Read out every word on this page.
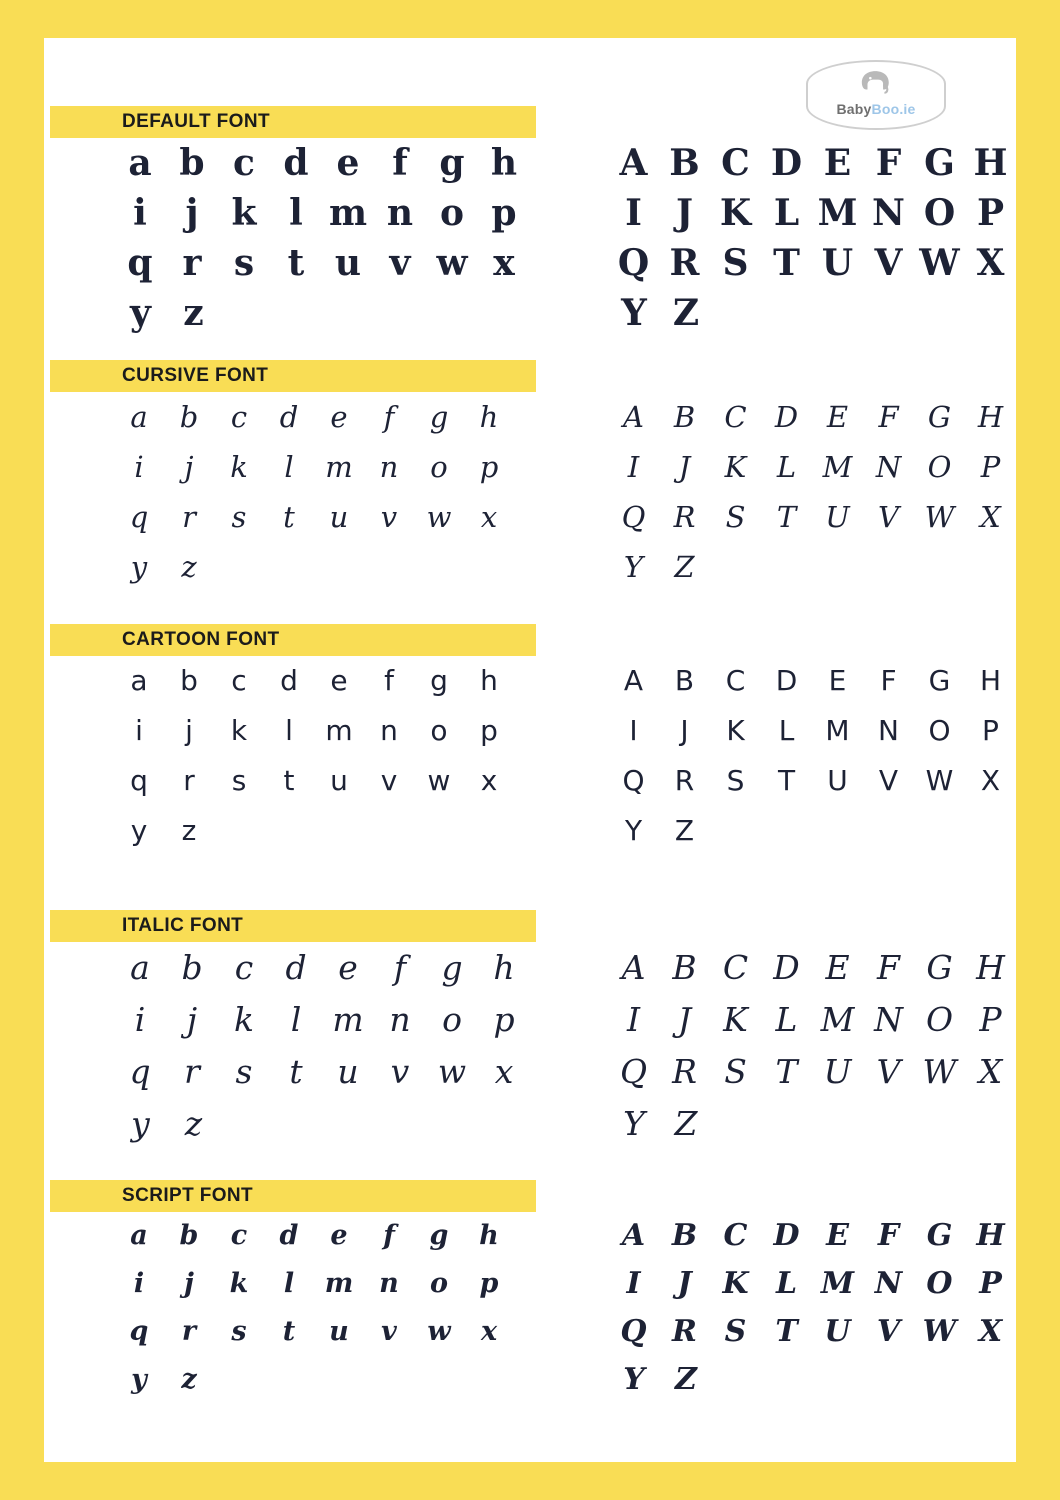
BabyBoo.ie
DEFAULT FONT
a b c d e f g h
i	j k l m n o p
q r s t u v w x
y z
A B C D E F G H
I J K L M N O P
Q R S T U V W X
Y Z
CURSIVE FONT
a	b	c	d	e	f	g	h
i	j	k	l	m n	o	p
q	r	s	t	u	v	w	x
y	z
A	B	C D E	F	G H
I	J	K	L M N O	P
Q R	S	T	U V W X
Y	Z
CARTOON FONT
a	b	c	d	e	f	g	h
i	j	k	l	m n	o	p
q	r	s	t	u	v	w	x
y	z
A	B	C	D	E	F	G	H
I	J	K	L	M	N	O	P
Q	R	S	T	U	V W X
Y	Z
ITALIC FONT
a b c d e	f	g h
i	j	k	l m n o p
q	r	s	t	u v w x
y	z
A B C D E F G H
I	J K L M N O P
Q R S T U V W X
Y Z
SCRIPT FONT
a	b	c	d	e	f	g	h
i	j	k	l	m n	o	p
q	r	s	t	u	v	w	x
y	z
A B C D E F G H
I	J	K L M N O P
Q R S T U V W X
Y	Z
